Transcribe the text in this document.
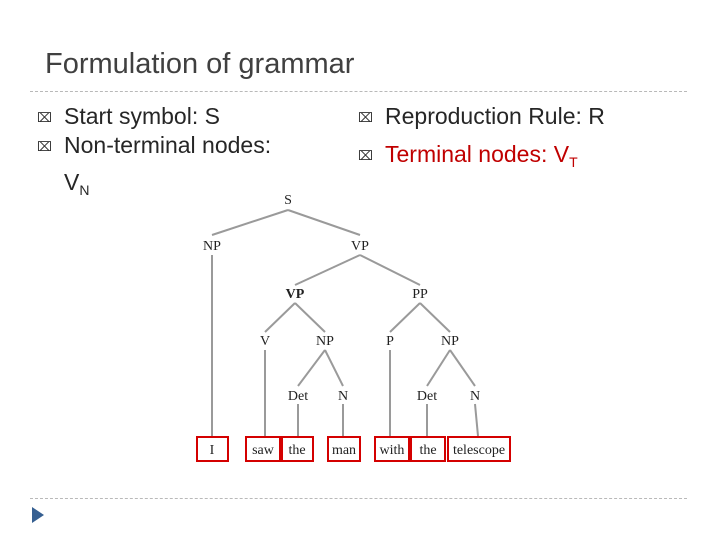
Formulation of grammar
⌧ Start symbol: S
⌧ Non-terminal nodes:
$V_N$
⌧ Reproduction Rule: R
⌧ Terminal nodes: $V_T$
S
NP	VP
VP	PP
V	NP	P	NP
Det N	Det N
I	saw the man with the telescope
